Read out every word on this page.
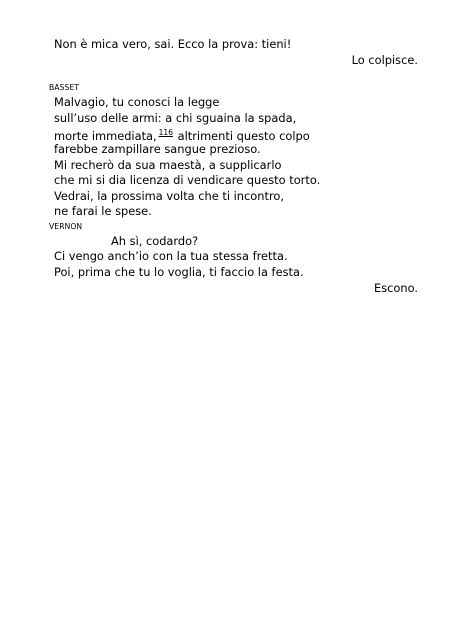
Non è mica vero, sai. Ecco la prova: tieni!
Lo colpisce.
BASSET
Malvagio, tu conosci la legge
sull’uso delle armi: a chi sguaina la spada,
morte immediata, $^{116}$ altrimenti questo colpo
farebbe zampillare sangue prezioso.
Mi recherò da sua maestà, a supplicarlo
che mi si dia licenza di vendicare questo torto.
Vedrai, la prossima volta che ti incontro,
ne farai le spese.
VERNON
Ah sì, codardo?
Ci vengo anch’io con la tua stessa fretta.
Poi, prima che tu lo voglia, ti faccio la festa.
Escono.
